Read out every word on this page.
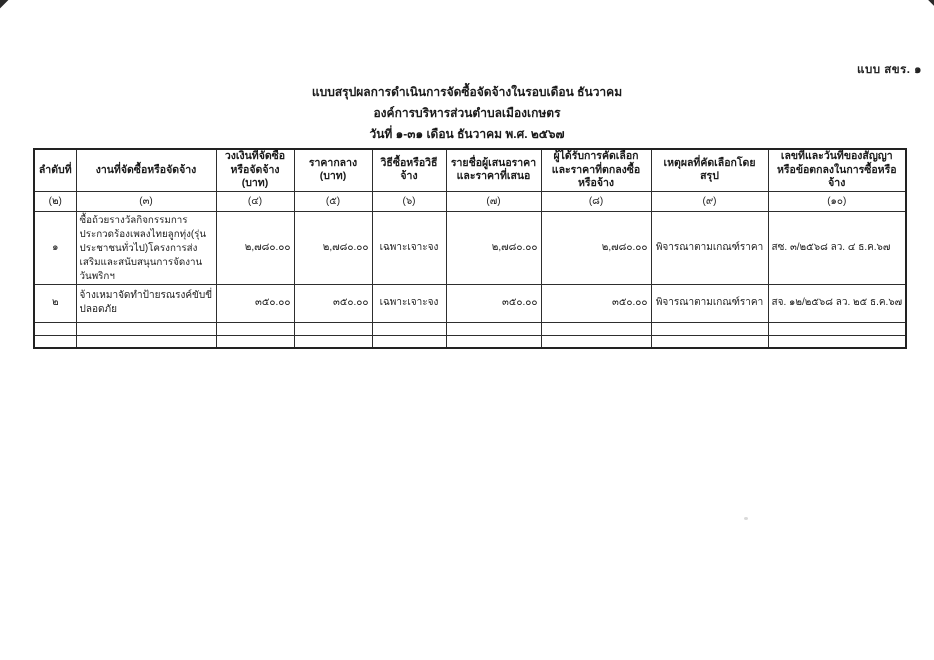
แบบ สขร. ๑
แบบสรุปผลการดำเนินการจัดซื้อจัดจ้างในรอบเดือน ธันวาคม
องค์การบริหารส่วนตำบลเมืองเกษตร
วันที่ ๑-๓๑ เดือน ธันวาคม พ.ศ. ๒๕๖๗
ลำดับที่	งานที่จัดซื้อหรือจัดจ้าง	วงเงินที่จัดซื้อหรือจัดจ้าง (บาท)	ราคากลาง (บาท)	วิธีซื้อหรือวิธีจ้าง	รายชื่อผู้เสนอราคาและราคาที่เสนอ	ผู้ได้รับการคัดเลือกและราคาที่ตกลงซื้อหรือจ้าง	เหตุผลที่คัดเลือกโดยสรุป	เลขที่และวันที่ของสัญญาหรือข้อตกลงในการซื้อหรือจ้าง
(๒)	(๓)	(๔)	(๕)	(๖)	(๗)	(๘)	(๙)	(๑๐)
๑	ซื้อถ้วยรางวัลกิจกรรมการประกวดร้องเพลงไทยลูกทุ่ง(รุ่นประชาชนทั่วไป)โครงการส่งเสริมและสนับสนุนการจัดงานวันพริกฯ	๒,๗๘๐.๐๐	๒,๗๘๐.๐๐	เฉพาะเจาะจง	๒,๗๘๐.๐๐	๒,๗๘๐.๐๐	พิจารณาตามเกณฑ์ราคา	สซ. ๓/๒๕๖๘ ลว. ๔ ธ.ค.๖๗
๒	จ้างเหมาจัดทำป้ายรณรงค์ขับขี่ปลอดภัย	๓๕๐.๐๐	๓๕๐.๐๐	เฉพาะเจาะจง	๓๕๐.๐๐	๓๕๐.๐๐	พิจารณาตามเกณฑ์ราคา	สจ. ๑๒/๒๕๖๘ ลว. ๒๕ ธ.ค.๖๗
